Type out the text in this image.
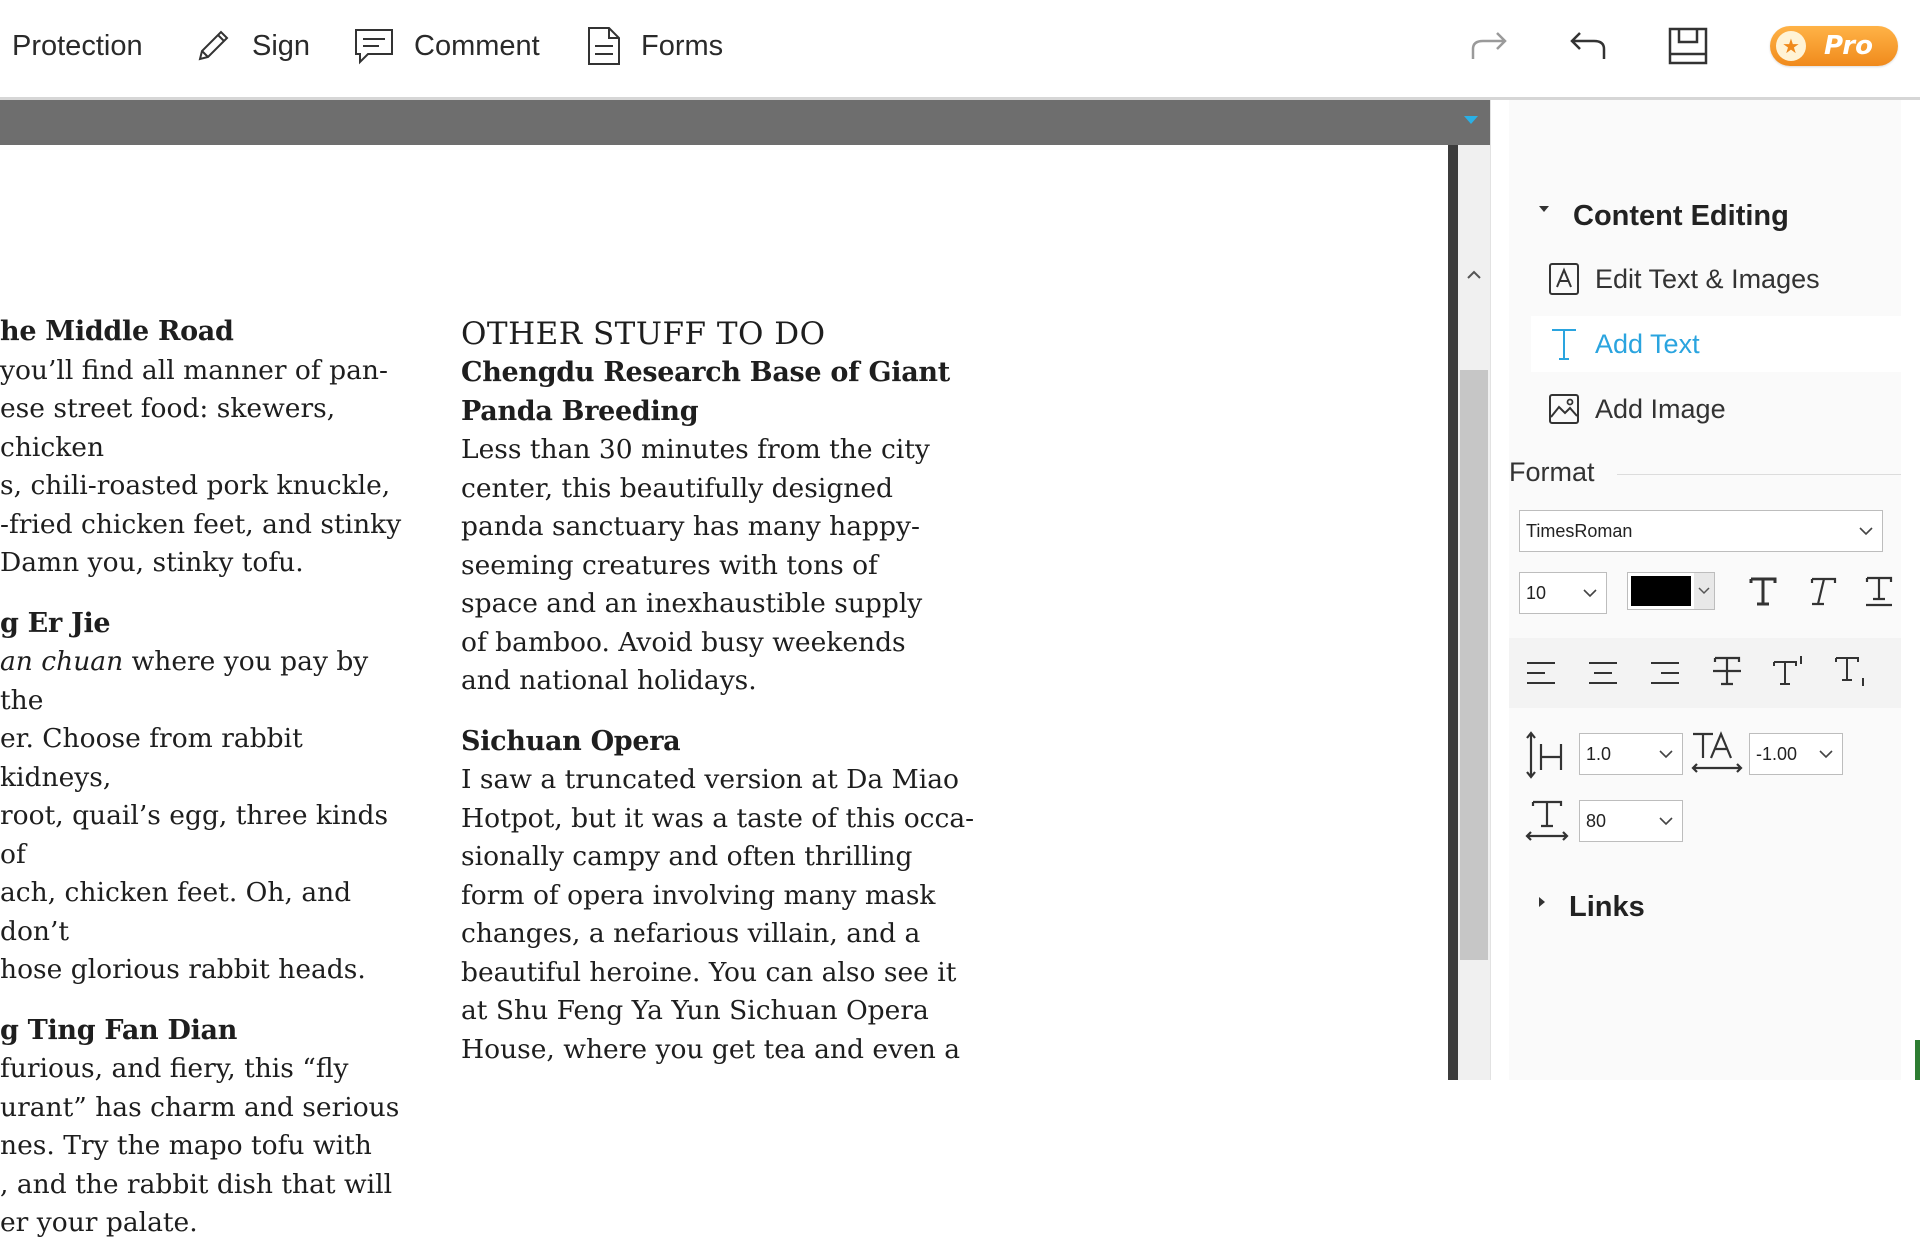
Protection	Sign	Comment	Forms	★ Pro
he Middle Road

you’ll find all manner of pan-

ese street food: skewers, chicken

s, chili-roasted pork knuckle,

-fried chicken feet, and stinky

Damn you, stinky tofu.

g Er Jie

an chuan where you pay by the

er. Choose from rabbit kidneys,

root, quail’s egg, three kinds of

ach, chicken feet. Oh, and don’t

hose glorious rabbit heads.

g Ting Fan Dian

furious, and fiery, this “fly

urant” has charm and serious

nes. Try the mapo tofu with

, and the rabbit dish that will

er your palate.

OTHER STUFF TO DO
Chengdu Research Base of Giant
Panda Breeding

Less than 30 minutes from the city

center, this beautifully designed

panda sanctuary has many happy-

seeming creatures with tons of

space and an inexhaustible supply

of bamboo. Avoid busy weekends

and national holidays.

Sichuan Opera

I saw a truncated version at Da Miao

Hotpot, but it was a taste of this occa-

sionally campy and often thrilling

form of opera involving many mask

changes, a nefarious villain, and a

beautiful heroine. You can also see it

at Shu Feng Ya Yun Sichuan Opera

House, where you get tea and even a

Content Editing
Edit Text & Images
Add Text
Add Image
Format
TimesRoman
10
1.0	-1.00
80
Links
